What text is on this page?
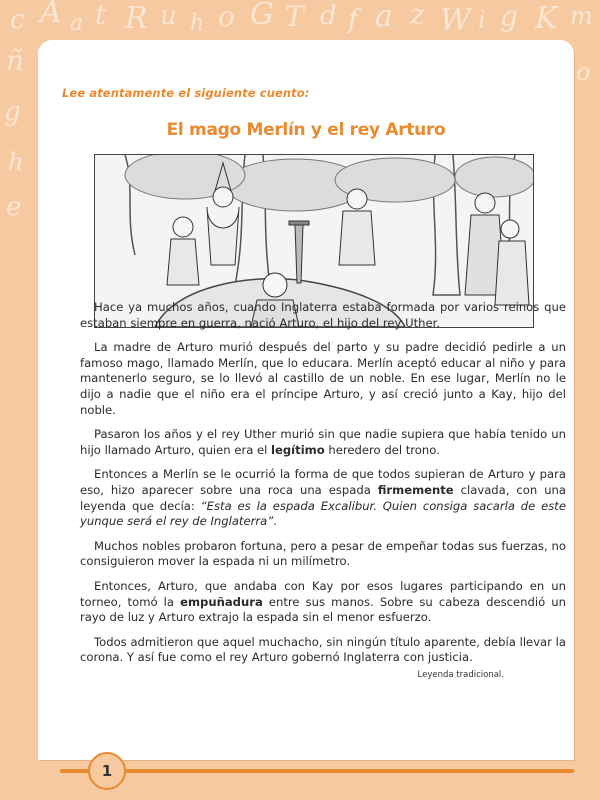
c A a t R u h o G T d f a z W i g K m
ñ
g
h
e
o
Lee atentamente el siguiente cuento:
El mago Merlín y el rey Arturo

Hace ya muchos años, cuando Inglaterra estaba formada por varios reinos que estaban siempre en guerra, nació Arturo, el hijo del rey Uther.

La madre de Arturo murió después del parto y su padre decidió pedirle a un famoso mago, llamado Merlín, que lo educara. Merlín aceptó educar al niño y para mantenerlo seguro, se lo llevó al castillo de un noble. En ese lugar, Merlín no le dijo a nadie que el niño era el príncipe Arturo, y así creció junto a Kay, hijo del noble.

Pasaron los años y el rey Uther murió sin que nadie supiera que había tenido un hijo llamado Arturo, quien era el legítimo heredero del trono.

Entonces a Merlín se le ocurrió la forma de que todos supieran de Arturo y para eso, hizo aparecer sobre una roca una espada firmemente clavada, con una leyenda que decía: “Esta es la espada Excalibur. Quien consiga sacarla de este yunque será el rey de Inglaterra”.

Muchos nobles probaron fortuna, pero a pesar de empeñar todas sus fuerzas, no consiguieron mover la espada ni un milímetro.

Entonces, Arturo, que andaba con Kay por esos lugares participando en un torneo, tomó la empuñadura entre sus manos. Sobre su cabeza descendió un rayo de luz y Arturo extrajo la espada sin el menor esfuerzo.

Todos admitieron que aquel muchacho, sin ningún título aparente, debía llevar la corona. Y así fue como el rey Arturo gobernó Inglaterra con justicia.

Leyenda tradicional.
1
